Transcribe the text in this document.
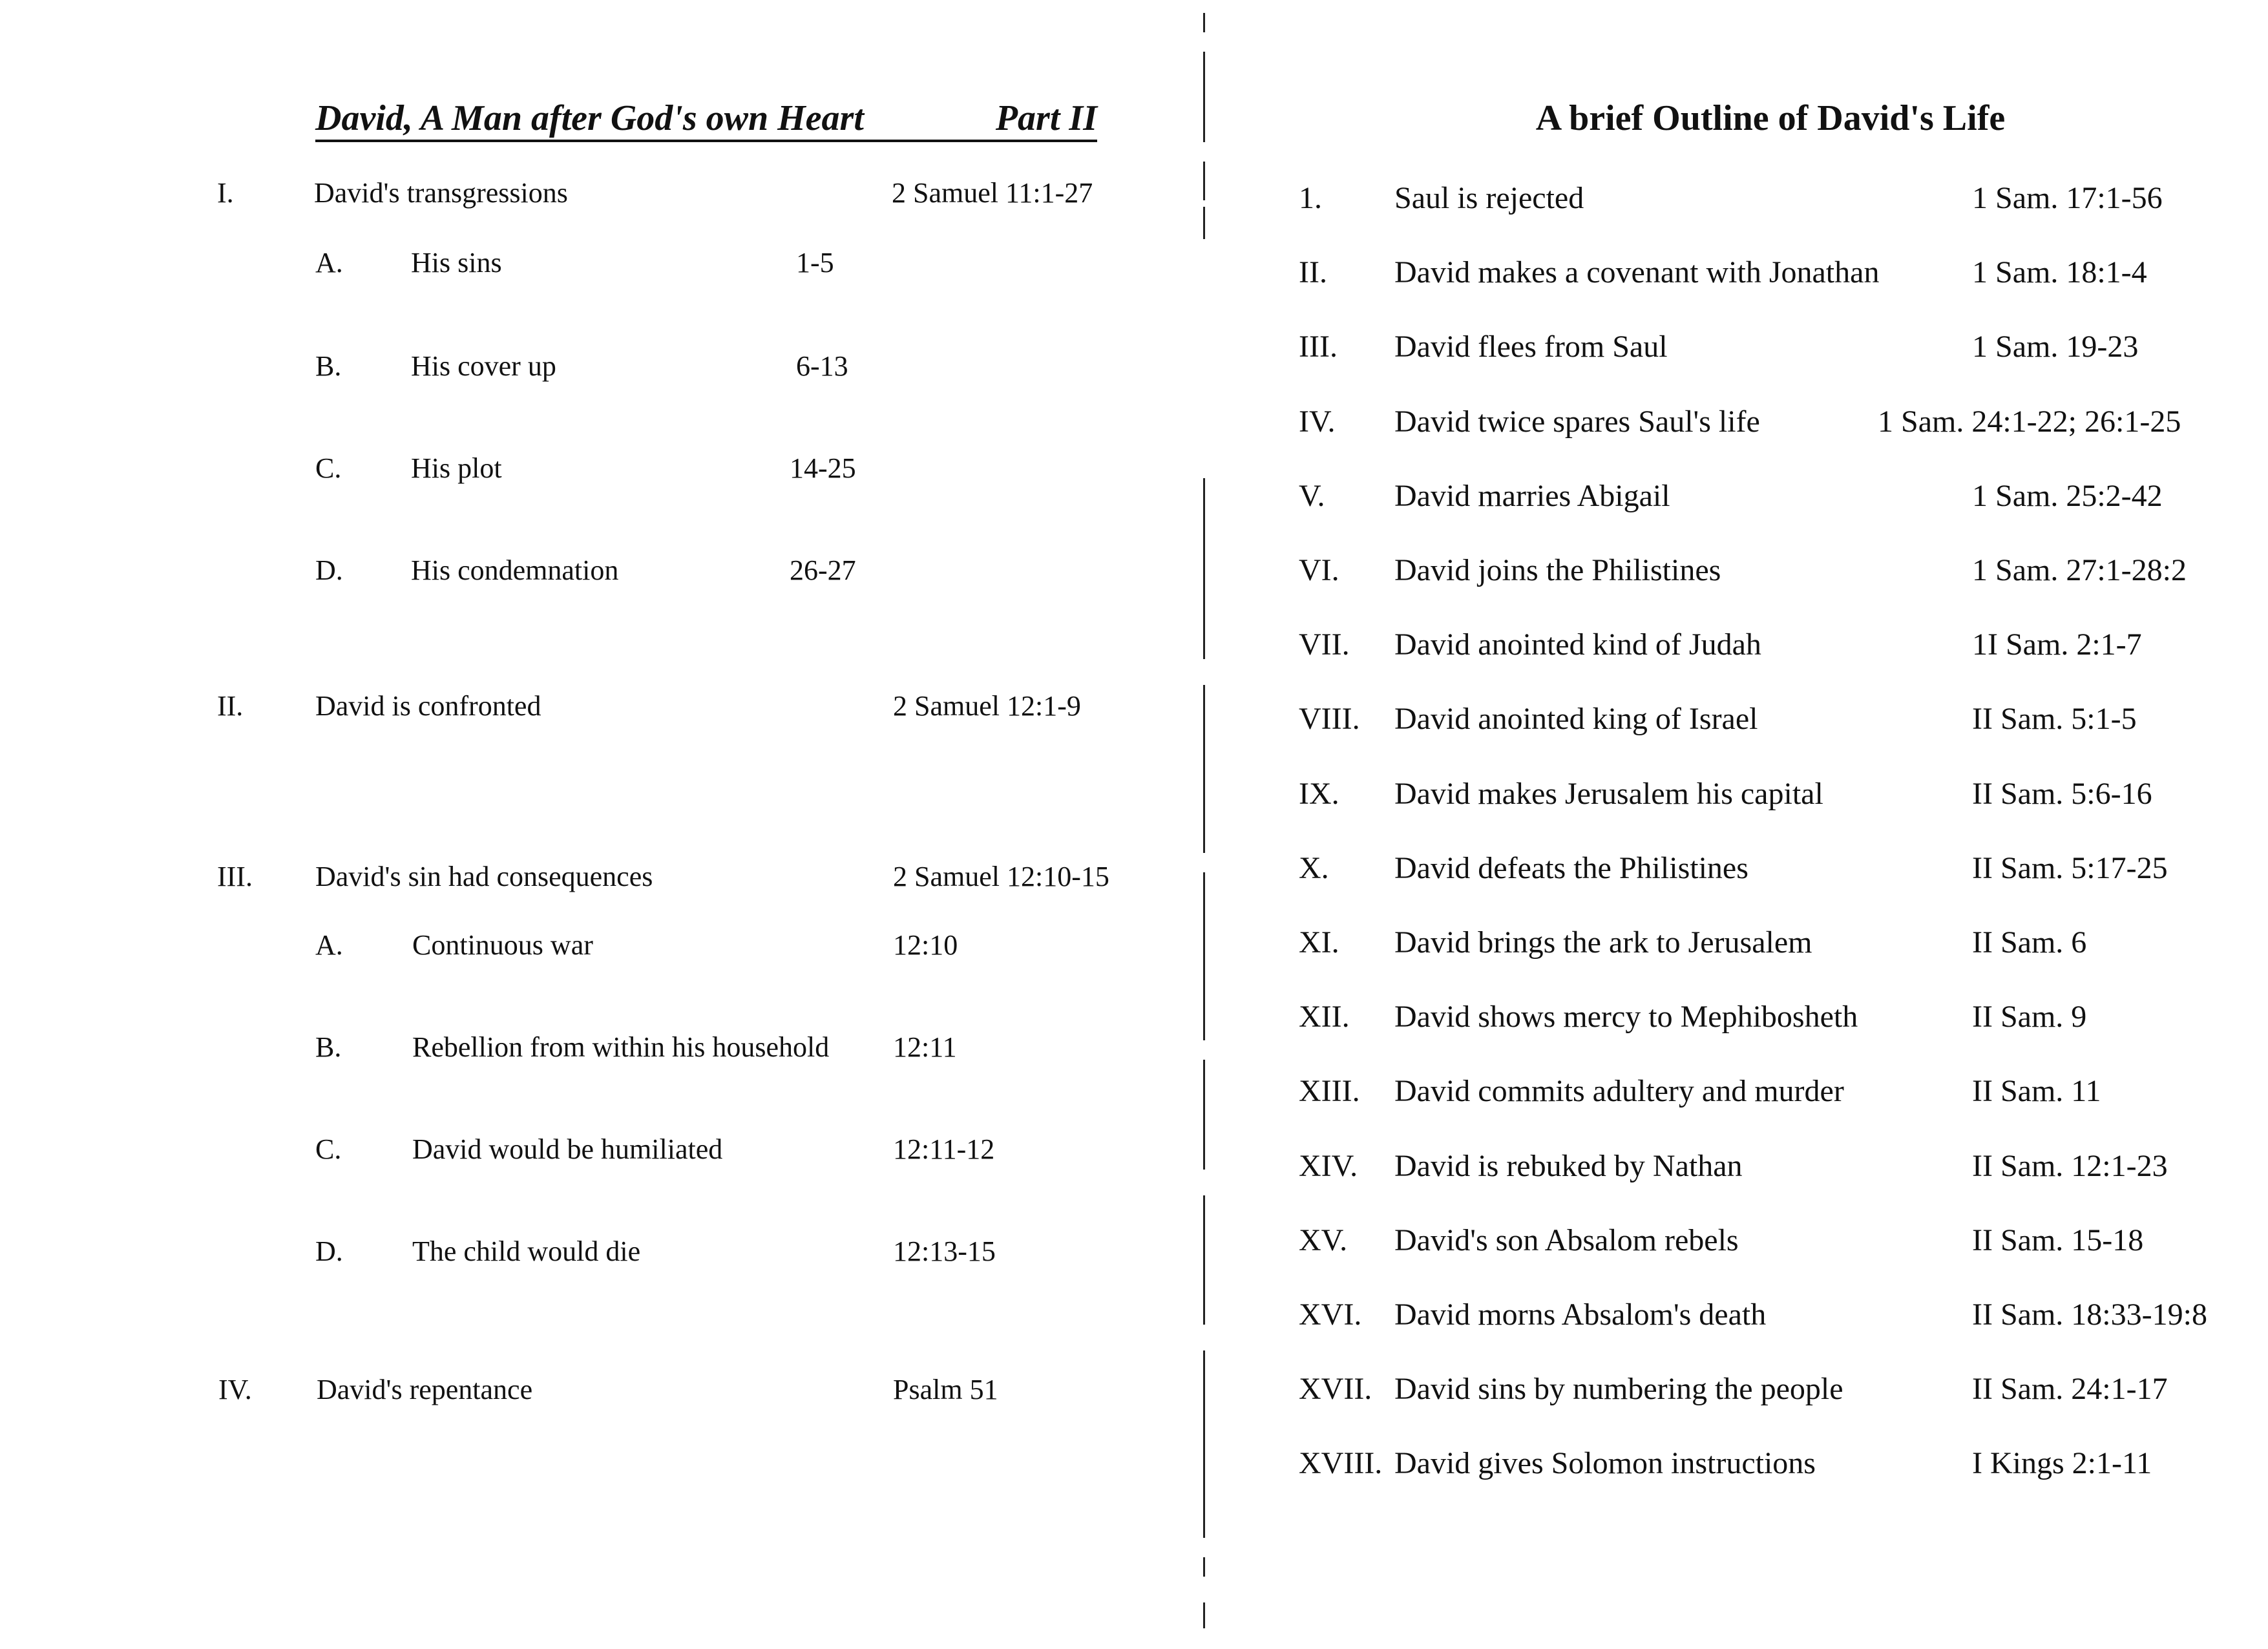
David, A Man after God's own Heart	Part II
I.	David's transgressions	2 Samuel 11:1-27
A. His sins	1-5
B. His cover up	6-13
C. His plot	14-25
D. His condemnation	26-27
II.	David is confronted	2 Samuel 12:1-9
III. David's sin had consequences	2 Samuel 12:10-15
A. Continuous war	12:10
B. Rebellion from within his household 12:11
C. David would be humiliated	12:11-12
D. The child would die	12:13-15
IV. David's repentance	Psalm 51
A brief Outline of David's Life
1. Saul is rejected	1 Sam. 17:1-56
II. David makes a covenant with Jonathan	1 Sam. 18:1-4
III. David flees from Saul	1 Sam. 19-23
IV. David twice spares Saul's life	1 Sam. 24:1-22; 26:1-25
V. David marries Abigail	1 Sam. 25:2-42
VI. David joins the Philistines	1 Sam. 27:1-28:2
VII. David anointed kind of Judah	1I Sam. 2:1-7
VIII. David anointed king of Israel	II Sam. 5:1-5
IX. David makes Jerusalem his capital	II Sam. 5:6-16
X. David defeats the Philistines	II Sam. 5:17-25
XI. David brings the ark to Jerusalem	II Sam. 6
XII. David shows mercy to Mephibosheth	II Sam. 9
XIII. David commits adultery and murder	II Sam. 11
XIV. David is rebuked by Nathan	II Sam. 12:1-23
XV. David's son Absalom rebels	II Sam. 15-18
XVI. David morns Absalom's death	II Sam. 18:33-19:8
XVII. David sins by numbering the people	II Sam. 24:1-17
XVIII. David gives Solomon instructions	I Kings 2:1-11
